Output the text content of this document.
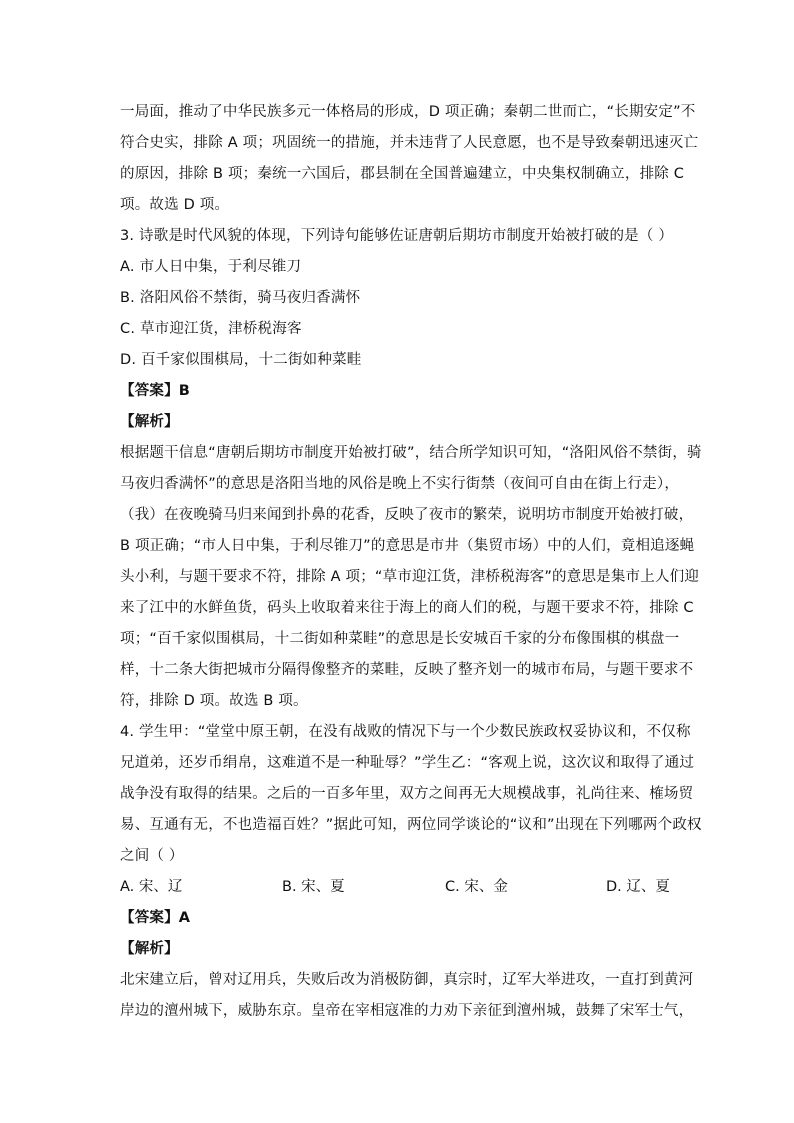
一局面，推动了中华民族多元一体格局的形成，D 项正确；秦朝二世而亡，“长期安定”不
符合史实，排除 A 项；巩固统一的措施，并未违背了人民意愿，也不是导致秦朝迅速灭亡
的原因，排除 B 项；秦统一六国后，郡县制在全国普遍建立，中央集权制确立，排除 C
项。故选 D 项。
3. 诗歌是时代风貌的体现，下列诗句能够佐证唐朝后期坊市制度开始被打破的是（ ）
A. 市人日中集，于利尽锥刀
B. 洛阳风俗不禁街，骑马夜归香满怀
C. 草市迎江货，津桥税海客
D. 百千家似围棋局，十二街如种菜畦
【答案】B
【解析】
根据题干信息“唐朝后期坊市制度开始被打破”，结合所学知识可知，“洛阳风俗不禁街，骑
马夜归香满怀”的意思是洛阳当地的风俗是晚上不实行街禁（夜间可自由在街上行走），
（我）在夜晚骑马归来闻到扑鼻的花香，反映了夜市的繁荣，说明坊市制度开始被打破，
B 项正确；“市人日中集，于利尽锥刀”的意思是市井（集贸市场）中的人们，竟相追逐蝇
头小利，与题干要求不符，排除 A 项；“草市迎江货，津桥税海客”的意思是集市上人们迎
来了江中的水鲜鱼货，码头上收取着来往于海上的商人们的税，与题干要求不符，排除 C
项；“百千家似围棋局，十二街如种菜畦”的意思是长安城百千家的分布像围棋的棋盘一
样，十二条大街把城市分隔得像整齐的菜畦，反映了整齐划一的城市布局，与题干要求不
符，排除 D 项。故选 B 项。
4. 学生甲：“堂堂中原王朝，在没有战败的情况下与一个少数民族政权妥协议和，不仅称
兄道弟，还岁币绢帛，这难道不是一种耻辱？”学生乙：“客观上说，这次议和取得了通过
战争没有取得的结果。之后的一百多年里，双方之间再无大规模战事，礼尚往来、榷场贸
易、互通有无，不也造福百姓？”据此可知，两位同学谈论的“议和”出现在下列哪两个政权
之间（ ）
A. 宋、辽	B. 宋、夏	C. 宋、金	D. 辽、夏
【答案】A
【解析】
北宋建立后，曾对辽用兵，失败后改为消极防御，真宗时，辽军大举进攻，一直打到黄河
岸边的澶州城下，威胁东京。皇帝在宰相寇准的力劝下亲征到澶州城，鼓舞了宋军士气，
